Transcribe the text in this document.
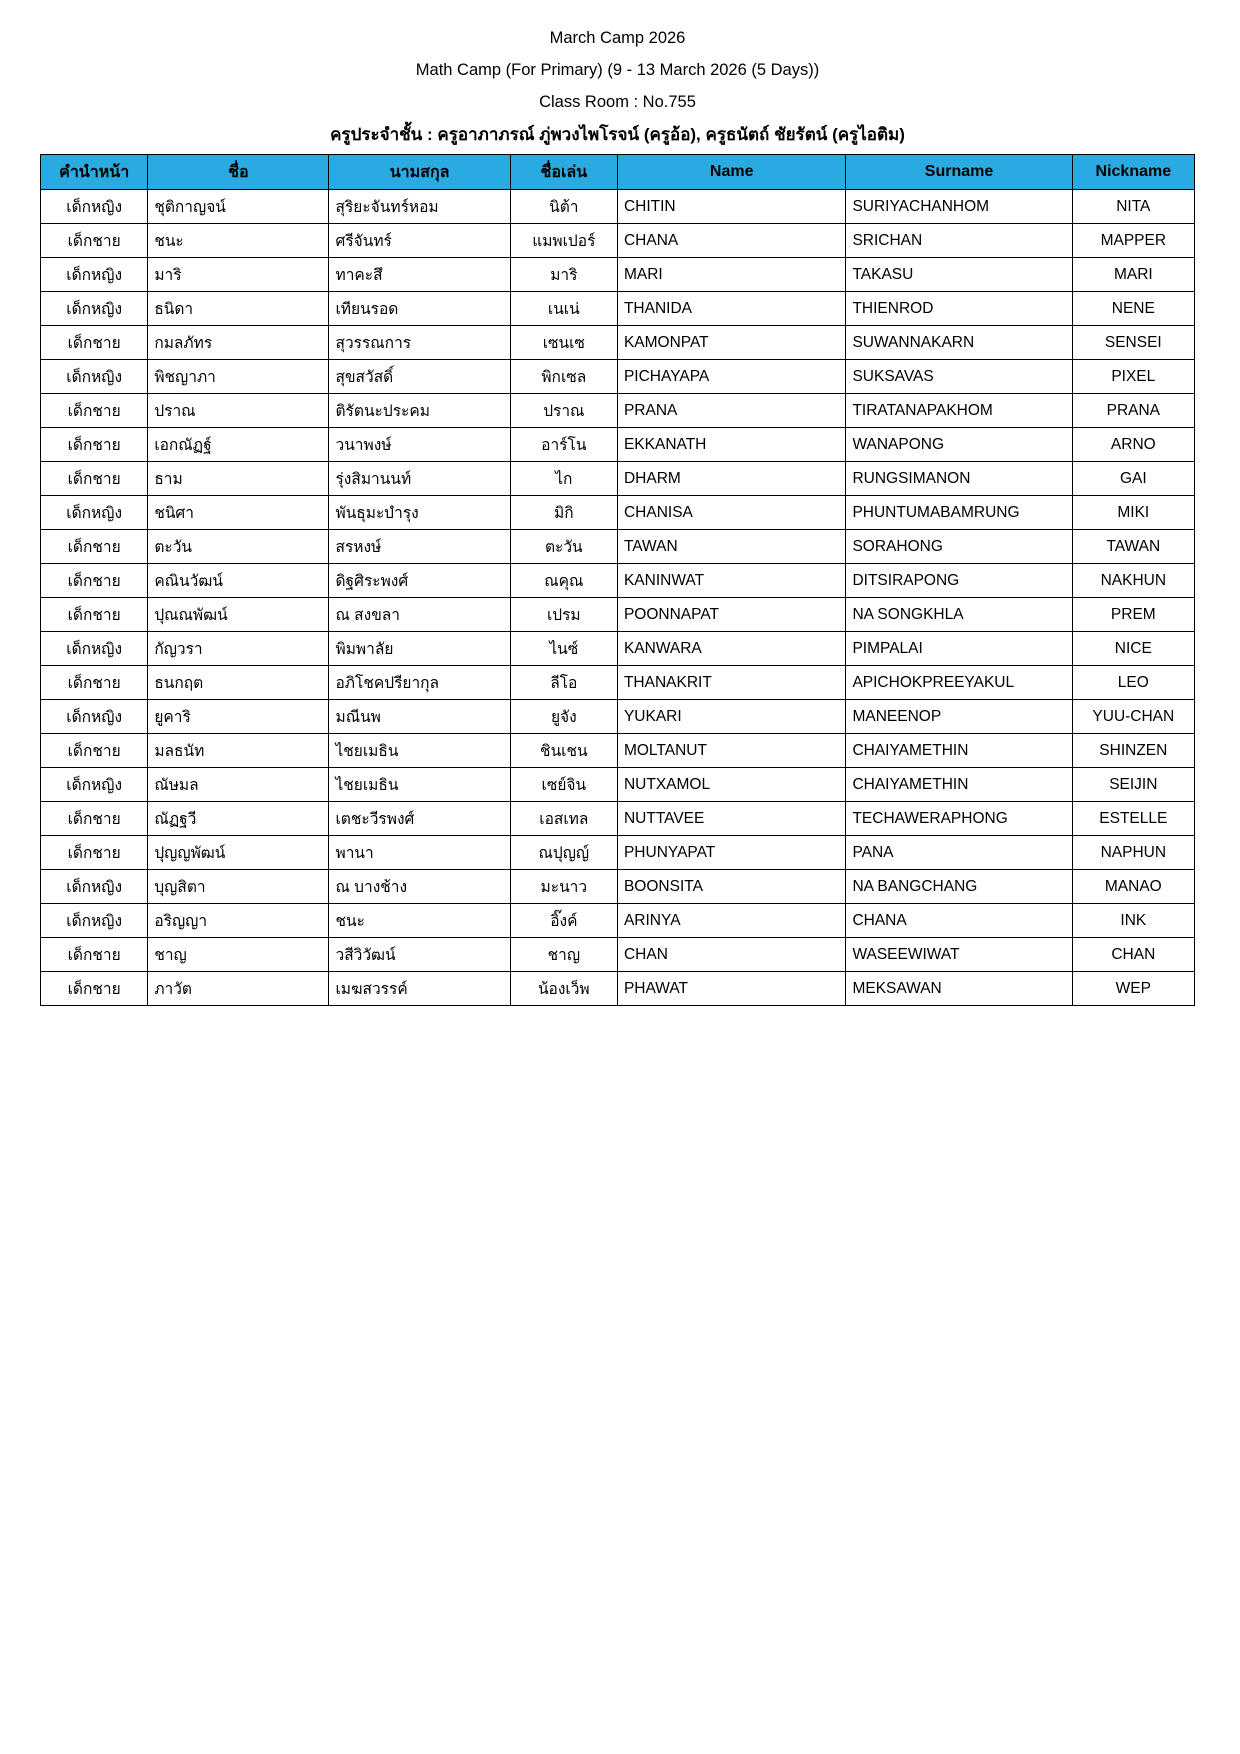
March Camp 2026
Math Camp (For Primary) (9 - 13 March 2026 (5 Days))
Class Room : No.755
ครูประจำชั้น : ครูอาภาภรณ์ ภู่พวงไพโรจน์ (ครูอ้อ), ครูธนัตถ์ ชัยรัตน์ (ครูไอติม)
คำนำหน้า	ชื่อ	นามสกุล	ชื่อเล่น	Name	Surname	Nickname
เด็กหญิง	ชุติกาญจน์	สุริยะจันทร์หอม	นิต้า	CHITIN	SURIYACHANHOM	NITA
เด็กชาย	ชนะ	ศรีจันทร์	แมพเปอร์	CHANA	SRICHAN	MAPPER
เด็กหญิง	มาริ	ทาคะสึ	มาริ	MARI	TAKASU	MARI
เด็กหญิง	ธนิดา	เทียนรอด	เนเน่	THANIDA	THIENROD	NENE
เด็กชาย	กมลภัทร	สุวรรณการ	เซนเซ	KAMONPAT	SUWANNAKARN	SENSEI
เด็กหญิง	พิชญาภา	สุขสวัสดิ์	พิกเซล	PICHAYAPA	SUKSAVAS	PIXEL
เด็กชาย	ปราณ	ติรัตนะประคม	ปราณ	PRANA	TIRATANAPAKHOM	PRANA
เด็กชาย	เอกณัฏฐ์	วนาพงษ์	อาร์โน	EKKANATH	WANAPONG	ARNO
เด็กชาย	ธาม	รุ่งสิมานนท์	ไก	DHARM	RUNGSIMANON	GAI
เด็กหญิง	ชนิศา	พันธุมะบำรุง	มิกิ	CHANISA	PHUNTUMABAMRUNG	MIKI
เด็กชาย	ตะวัน	สรหงษ์	ตะวัน	TAWAN	SORAHONG	TAWAN
เด็กชาย	คณินวัฒน์	ดิฐศิระพงศ์	ณคุณ	KANINWAT	DITSIRAPONG	NAKHUN
เด็กชาย	ปุณณพัฒน์	ณ สงขลา	เปรม	POONNAPAT	NA SONGKHLA	PREM
เด็กหญิง	กัญวรา	พิมพาลัย	ไนซ์	KANWARA	PIMPALAI	NICE
เด็กชาย	ธนกฤต	อภิโชคปรียากุล	ลีโอ	THANAKRIT	APICHOKPREEYAKUL	LEO
เด็กหญิง	ยูคาริ	มณีนพ	ยูจัง	YUKARI	MANEENOP	YUU-CHAN
เด็กชาย	มลธนัท	ไชยเมธิน	ชินเชน	MOLTANUT	CHAIYAMETHIN	SHINZEN
เด็กหญิง	ณัษมล	ไชยเมธิน	เซย์จิน	NUTXAMOL	CHAIYAMETHIN	SEIJIN
เด็กชาย	ณัฏฐวี	เตชะวีรพงศ์	เอสเทล	NUTTAVEE	TECHAWERAPHONG	ESTELLE
เด็กชาย	ปุญญพัฒน์	พานา	ณปุญญ์	PHUNYAPAT	PANA	NAPHUN
เด็กหญิง	บุญสิตา	ณ บางช้าง	มะนาว	BOONSITA	NA BANGCHANG	MANAO
เด็กหญิง	อริญญา	ชนะ	อิ๊งค์	ARINYA	CHANA	INK
เด็กชาย	ชาญ	วสีวิวัฒน์	ชาญ	CHAN	WASEEWIWAT	CHAN
เด็กชาย	ภาวัต	เมฆสวรรค์	น้องเว็พ	PHAWAT	MEKSAWAN	WEP
